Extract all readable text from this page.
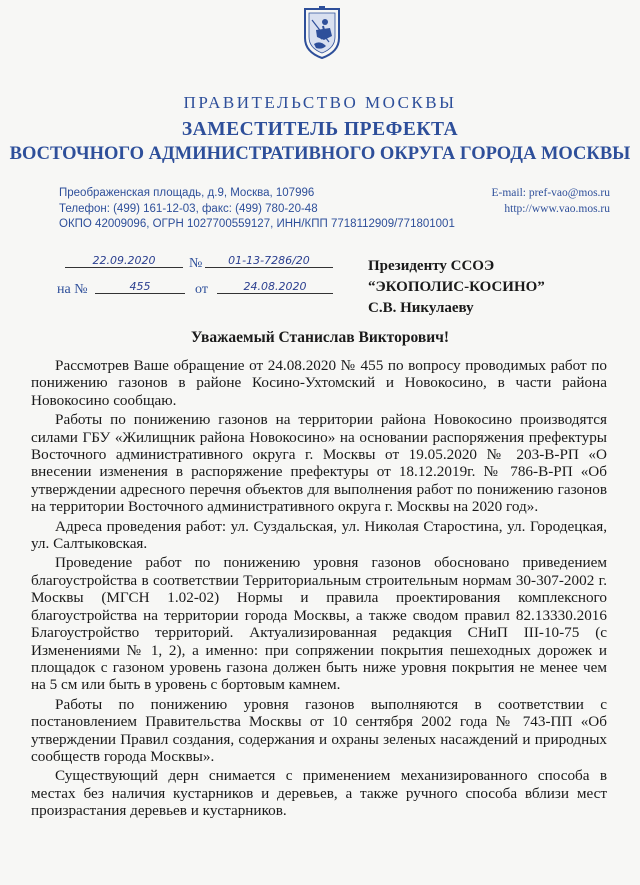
ПРАВИТЕЛЬСТВО МОСКВЫ
ЗАМЕСТИТЕЛЬ ПРЕФЕКТА
ВОСТОЧНОГО АДМИНИСТРАТИВНОГО ОКРУГА ГОРОДА МОСКВЫ
Преображенская площадь, д.9, Москва, 107996
Телефон: (499) 161-12-03, факс: (499) 780-20-48
ОКПО 42009096, ОГРН 1027700559127, ИНН/КПП 7718112909/771801001
E-mail: pref-vao@mos.ru
http://www.vao.mos.ru
22.09.2020	№	01-13-7286/20
на №	455	от	24.08.2020
Президенту ССОЭ
“ЭКОПОЛИС-КОСИНО”
С.В. Никулаеву
Уважаемый Станислав Викторович!

Рассмотрев Ваше обращение от 24.08.2020 № 455 по вопросу проводимых работ по понижению газонов в районе Косино-Ухтомский и Новокосино, в части района Новокосино сообщаю.

Работы по понижению газонов на территории района Новокосино производятся силами ГБУ «Жилищник района Новокосино» на основании распоряжения префектуры Восточного административного округа г. Москвы от 19.05.2020 № 203-В-РП «О внесении изменения в распоряжение префектуры от 18.12.2019г. № 786-В-РП «Об утверждении адресного перечня объектов для выполнения работ по понижению газонов на территории Восточного административного округа г. Москвы на 2020 год».

Адреса проведения работ: ул. Суздальская, ул. Николая Старостина, ул. Городецкая, ул. Салтыковская.

Проведение работ по понижению уровня газонов обосновано приведением благоустройства в соответствии Территориальным строительным нормам 30-307-2002 г. Москвы (МГСН 1.02-02) Нормы и правила проектирования комплексного благоустройства на территории города Москвы, а также сводом правил 82.13330.2016 Благоустройство территорий. Актуализированная редакция СНиП III-10-75 (с Изменениями № 1, 2), а именно: при сопряжении покрытия пешеходных дорожек и площадок с газоном уровень газона должен быть ниже уровня покрытия не менее чем на 5 см или быть в уровень с бортовым камнем.

Работы по понижению уровня газонов выполняются в соответствии с постановлением Правительства Москвы от 10 сентября 2002 года № 743-ПП «Об утверждении Правил создания, содержания и охраны зеленых насаждений и природных сообществ города Москвы».

Существующий дерн снимается с применением механизированного способа в местах без наличия кустарников и деревьев, а также ручного способа вблизи мест произрастания деревьев и кустарников.
